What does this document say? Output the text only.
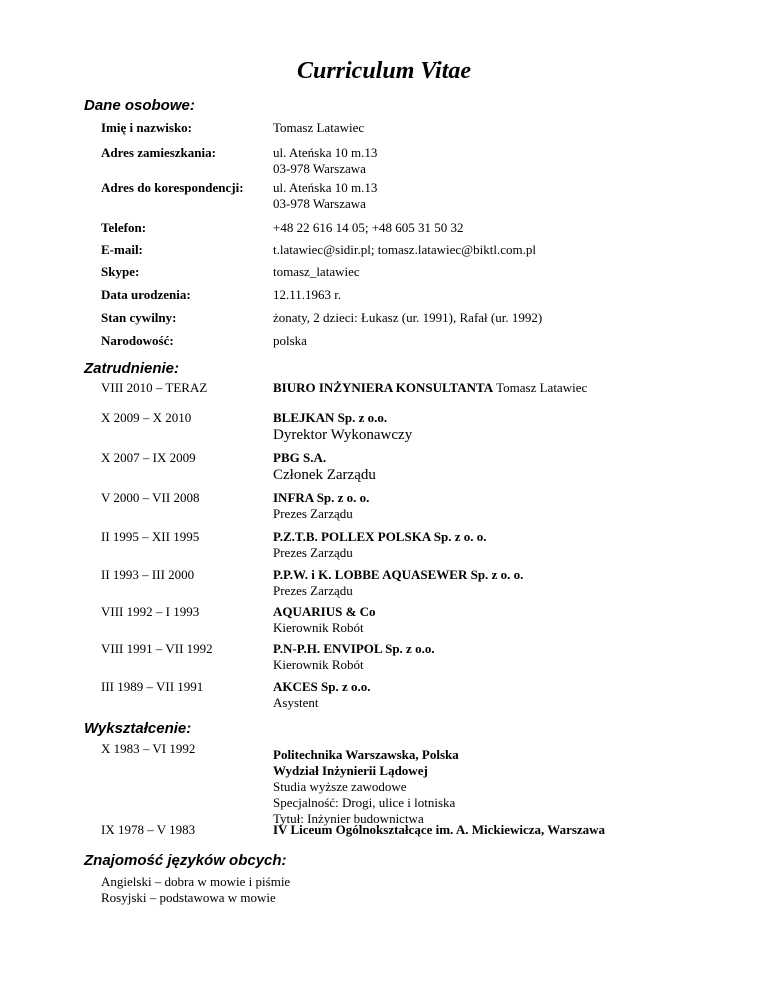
Curriculum Vitae
Dane osobowe:
Imię i nazwisko:	Tomasz Latawiec
Adres zamieszkania:	ul. Ateńska 10 m.13
03-978 Warszawa
Adres do korespondencji:	ul. Ateńska 10 m.13
03-978 Warszawa
Telefon:	+48 22 616 14 05; +48 605 31 50 32
E-mail:	t.latawiec@sidir.pl; tomasz.latawiec@biktl.com.pl
Skype:	tomasz_latawiec
Data urodzenia:	12.11.1963 r.
Stan cywilny:	żonaty, 2 dzieci: Łukasz (ur. 1991), Rafał (ur. 1992)
Narodowość:	polska
Zatrudnienie:
VIII 2010 – TERAZ	BIURO INŻYNIERA KONSULTANTA Tomasz Latawiec
X 2009 – X 2010	BLEJKAN Sp. z o.o.
Dyrektor Wykonawczy
X 2007 – IX 2009	PBG S.A.
Członek Zarządu
V 2000 – VII 2008	INFRA Sp. z o. o.
Prezes Zarządu
II 1995 – XII 1995	P.Z.T.B. POLLEX POLSKA Sp. z o. o.
Prezes Zarządu
II 1993 – III 2000	P.P.W. i K. LOBBE AQUASEWER Sp. z o. o.
Prezes Zarządu
VIII 1992 – I 1993	AQUARIUS & Co
Kierownik Robót
VIII 1991 – VII 1992	P.N-P.H. ENVIPOL Sp. z o.o.
Kierownik Robót
III 1989 – VII 1991	AKCES Sp. z o.o.
Asystent
Wykształcenie:
X 1983 – VI 1992	Politechnika Warszawska, Polska
Wydział Inżynierii Lądowej
Studia wyższe zawodowe
Specjalność: Drogi, ulice i lotniska
Tytuł: Inżynier budownictwa
IX 1978 – V 1983	IV Liceum Ogólnokształcące im. A. Mickiewicza, Warszawa
Znajomość języków obcych:
Angielski – dobra w mowie i piśmie
Rosyjski – podstawowa w mowie
